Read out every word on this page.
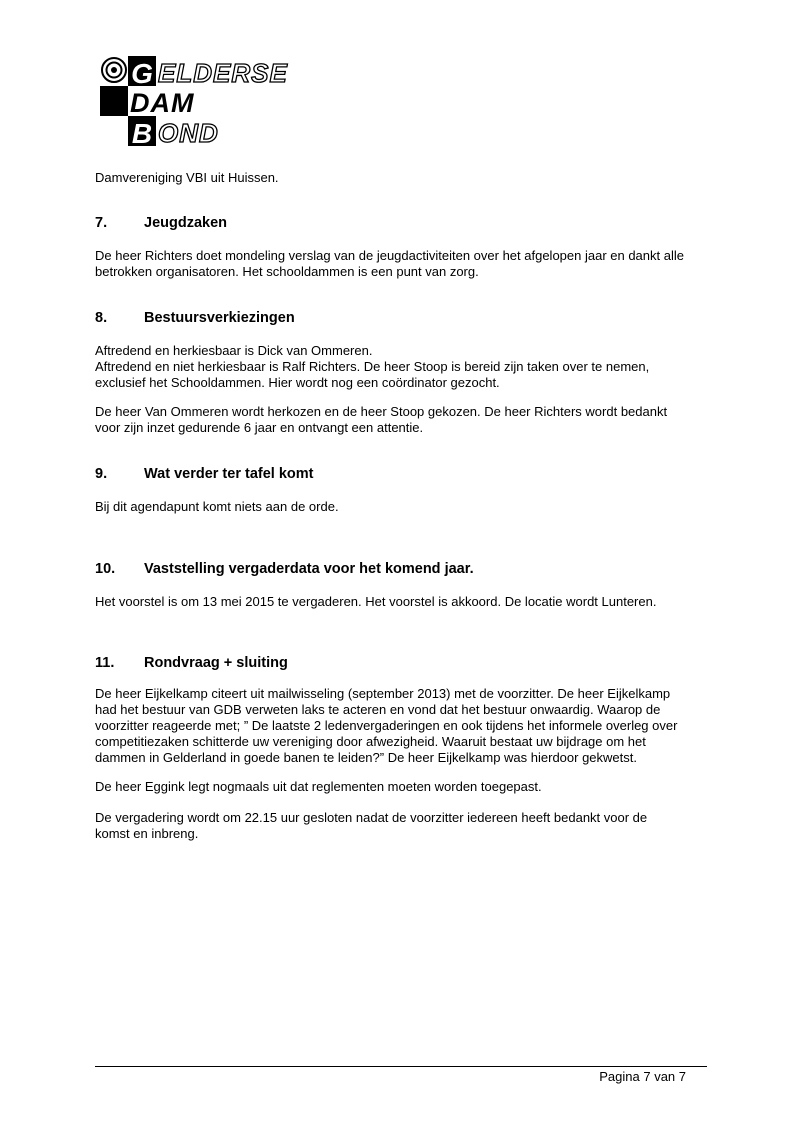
G ELDERSE
DAM
B OND

Damvereniging VBI uit Huissen.

7.	Jeugdzaken

De heer Richters doet mondeling verslag van de jeugdactiviteiten over het afgelopen jaar en dankt alle

betrokken organisatoren. Het schooldammen is een punt van zorg.

8.	Bestuursverkiezingen

Aftredend en herkiesbaar is Dick van Ommeren.

Aftredend en niet herkiesbaar is Ralf Richters. De heer Stoop is bereid zijn taken over te nemen,

exclusief het Schooldammen. Hier wordt nog een coördinator gezocht.

De heer Van Ommeren wordt herkozen en de heer Stoop gekozen. De heer Richters wordt bedankt

voor zijn inzet gedurende 6 jaar en ontvangt een attentie.

9.	Wat verder ter tafel komt

Bij dit agendapunt komt niets aan de orde.

10. Vaststelling vergaderdata voor het komend jaar.

Het voorstel is om 13 mei 2015 te vergaderen. Het voorstel is akkoord. De locatie wordt Lunteren.

11. Rondvraag + sluiting

De heer Eijkelkamp citeert uit mailwisseling (september 2013) met de voorzitter. De heer Eijkelkamp

had het bestuur van GDB verweten laks te acteren en vond dat het bestuur onwaardig. Waarop de

voorzitter reageerde met; ” De laatste 2 ledenvergaderingen en ook tijdens het informele overleg over

competitiezaken schitterde uw vereniging door afwezigheid. Waaruit bestaat uw bijdrage om het

dammen in Gelderland in goede banen te leiden?” De heer Eijkelkamp was hierdoor gekwetst.

De heer Eggink legt nogmaals uit dat reglementen moeten worden toegepast.

De vergadering wordt om 22.15 uur gesloten nadat de voorzitter iedereen heeft bedankt voor de

komst en inbreng.

Pagina 7 van 7
